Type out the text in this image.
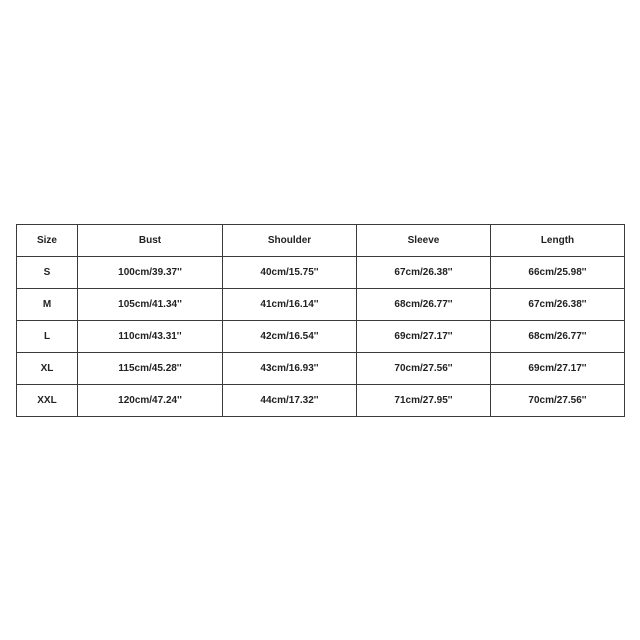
Size	Bust	Shoulder	Sleeve	Length
S	100cm/39.37''	40cm/15.75''	67cm/26.38''	66cm/25.98''
M	105cm/41.34''	41cm/16.14''	68cm/26.77''	67cm/26.38''
L	110cm/43.31''	42cm/16.54''	69cm/27.17''	68cm/26.77''
XL	115cm/45.28''	43cm/16.93''	70cm/27.56''	69cm/27.17''
XXL	120cm/47.24''	44cm/17.32''	71cm/27.95''	70cm/27.56''
